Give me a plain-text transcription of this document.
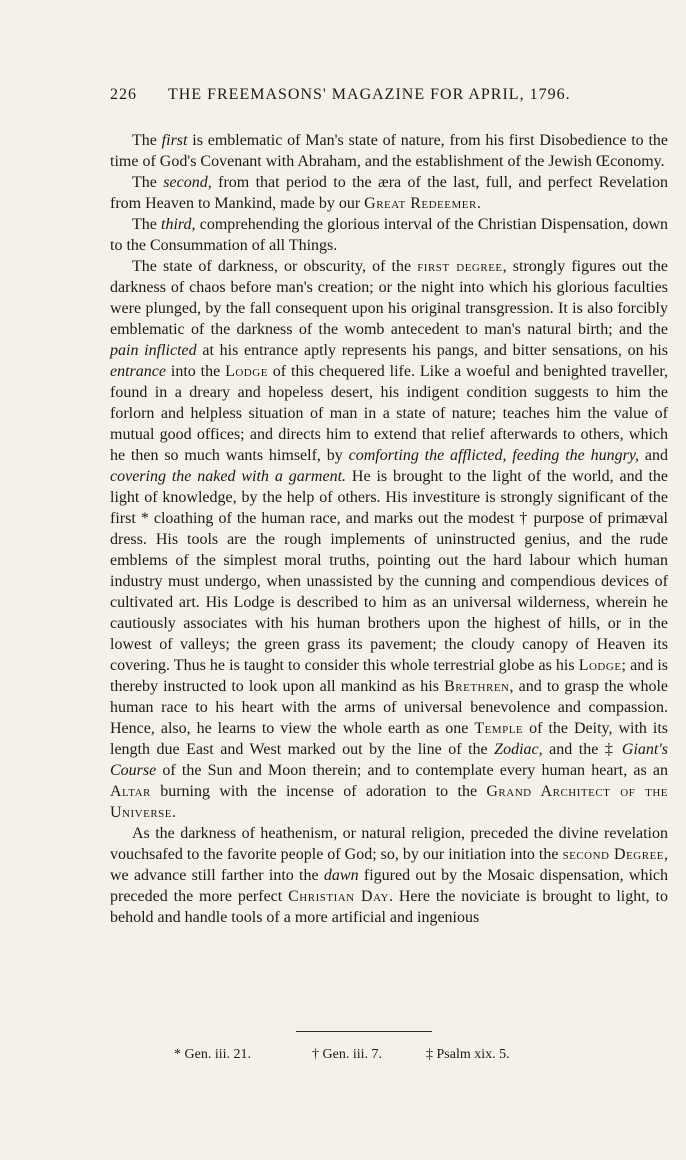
226 THE FREEMASONS' MAGAZINE FOR APRIL, 1796.

The first is emblematic of Man's state of nature, from his first Disobedience to the time of God's Covenant with Abraham, and the establishment of the Jewish Œconomy.

The second, from that period to the æra of the last, full, and perfect Revelation from Heaven to Mankind, made by our Great Redeemer.

The third, comprehending the glorious interval of the Christian Dispensation, down to the Consummation of all Things.

The state of darkness, or obscurity, of the first degree, strongly figures out the darkness of chaos before man's creation; or the night into which his glorious faculties were plunged, by the fall consequent upon his original transgression. It is also forcibly emblematic of the darkness of the womb antecedent to man's natural birth; and the pain inflicted at his entrance aptly represents his pangs, and bitter sensations, on his entrance into the Lodge of this chequered life. Like a woeful and benighted traveller, found in a dreary and hopeless desert, his indigent condition suggests to him the forlorn and helpless situation of man in a state of nature; teaches him the value of mutual good offices; and directs him to extend that relief afterwards to others, which he then so much wants himself, by comforting the afflicted, feeding the hungry, and covering the naked with a garment. He is brought to the light of the world, and the light of knowledge, by the help of others. His investiture is strongly significant of the first * cloathing of the human race, and marks out the modest † purpose of primæval dress. His tools are the rough implements of uninstructed genius, and the rude emblems of the simplest moral truths, pointing out the hard labour which human industry must undergo, when unassisted by the cunning and compendious devices of cultivated art. His Lodge is described to him as an universal wilderness, wherein he cautiously associates with his human brothers upon the highest of hills, or in the lowest of valleys; the green grass its pavement; the cloudy canopy of Heaven its covering. Thus he is taught to consider this whole terrestrial globe as his Lodge; and is thereby instructed to look upon all mankind as his Brethren, and to grasp the whole human race to his heart with the arms of universal benevolence and compassion. Hence, also, he learns to view the whole earth as one Temple of the Deity, with its length due East and West marked out by the line of the Zodiac, and the ‡ Giant's Course of the Sun and Moon therein; and to contemplate every human heart, as an Altar burning with the incense of adoration to the Grand Architect of the Universe.

As the darkness of heathenism, or natural religion, preceded the divine revelation vouchsafed to the favorite people of God; so, by our initiation into the second Degree, we advance still farther into the dawn figured out by the Mosaic dispensation, which preceded the more perfect Christian Day. Here the noviciate is brought to light, to behold and handle tools of a more artificial and ingenious

* Gen. iii. 21.	† Gen. iii. 7.	‡ Psalm xix. 5.
